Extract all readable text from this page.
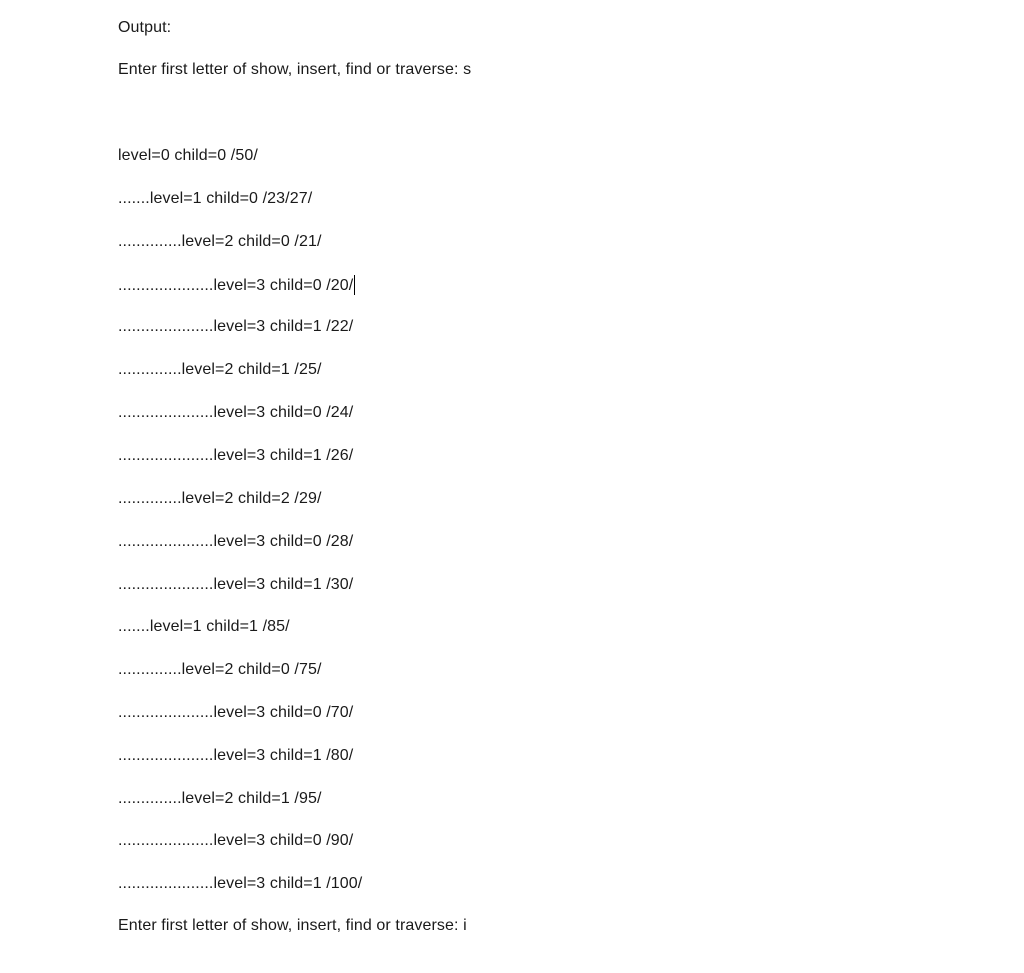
Output:
Enter first letter of show, insert, find or traverse: s
level=0 child=0 /50/
.......level=1 child=0 /23/27/
..............level=2 child=0 /21/
.....................level=3 child=0 /20/
.....................level=3 child=1 /22/
..............level=2 child=1 /25/
.....................level=3 child=0 /24/
.....................level=3 child=1 /26/
..............level=2 child=2 /29/
.....................level=3 child=0 /28/
.....................level=3 child=1 /30/
.......level=1 child=1 /85/
..............level=2 child=0 /75/
.....................level=3 child=0 /70/
.....................level=3 child=1 /80/
..............level=2 child=1 /95/
.....................level=3 child=0 /90/
.....................level=3 child=1 /100/
Enter first letter of show, insert, find or traverse: i
